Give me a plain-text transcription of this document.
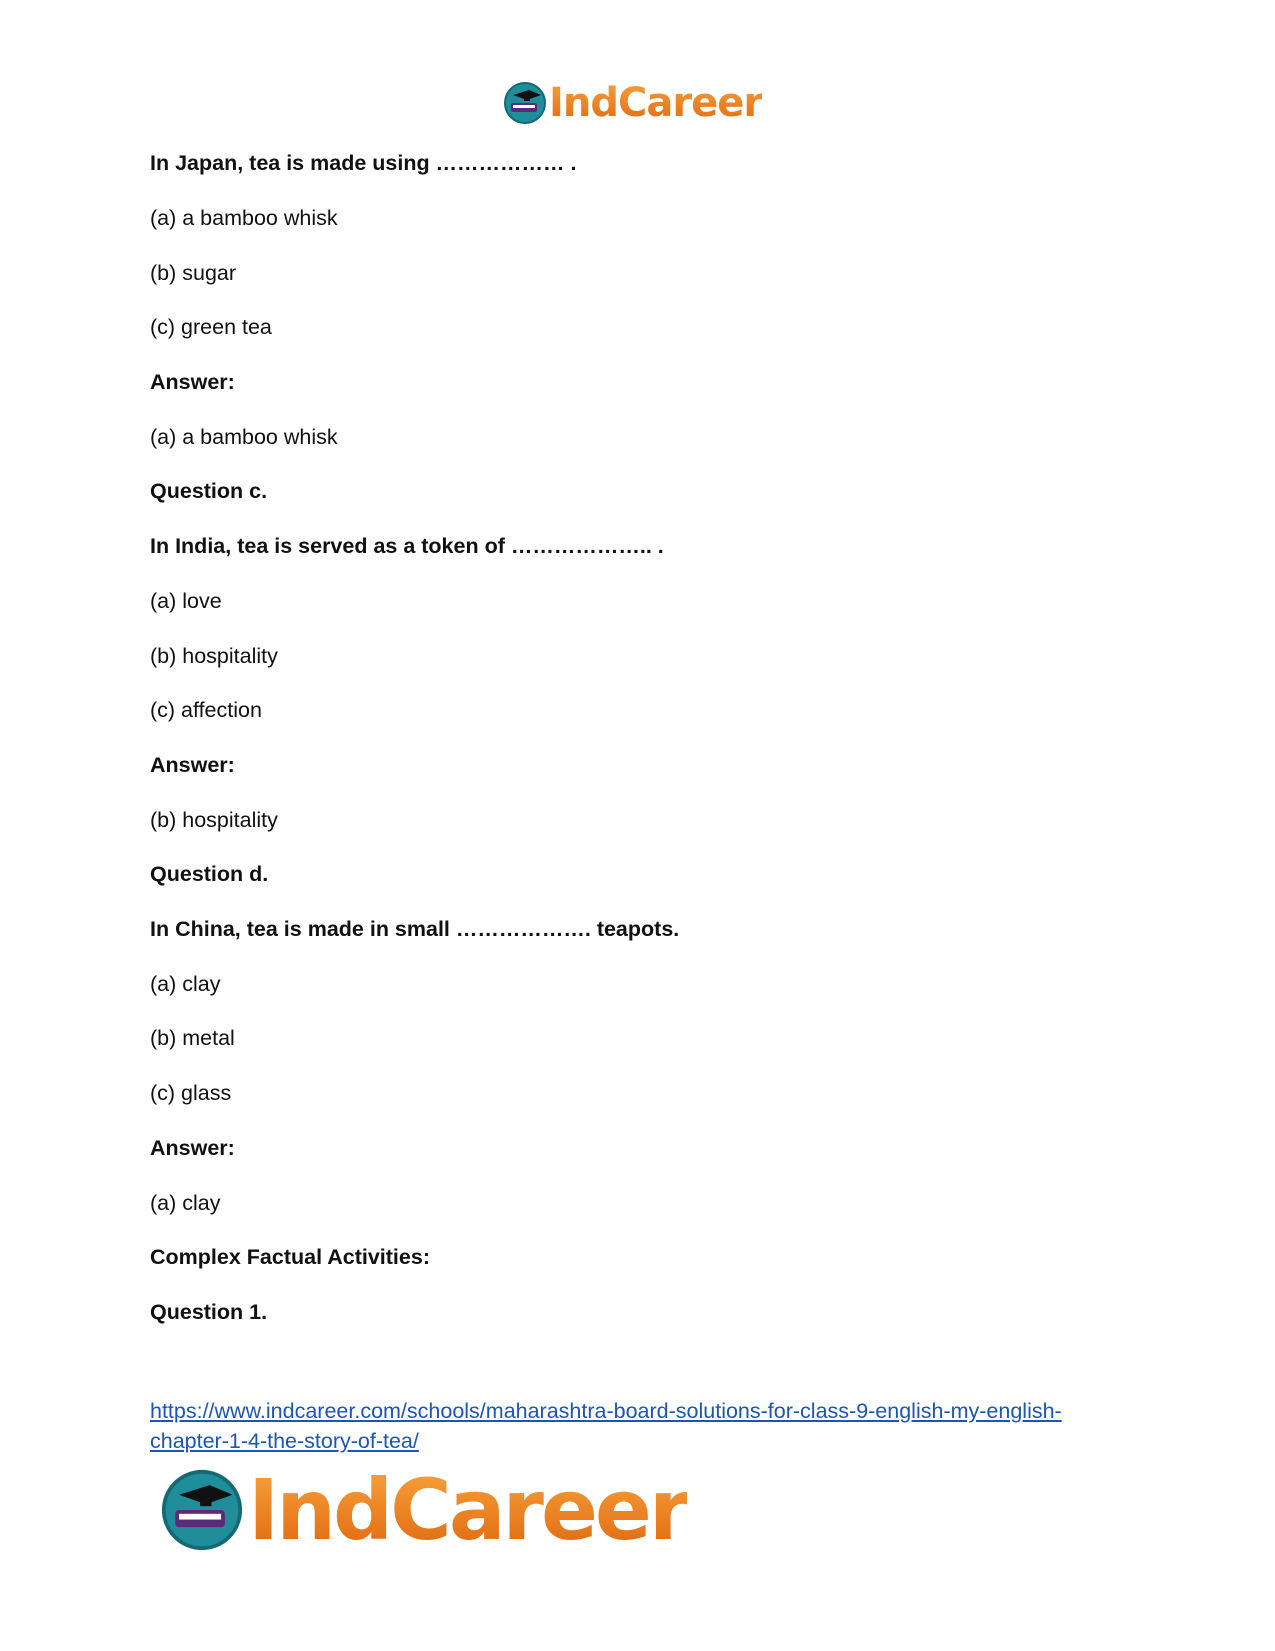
IndCareer
In Japan, tea is made using ……………… .
(a) a bamboo whisk
(b) sugar
(c) green tea
Answer:
(a) a bamboo whisk
Question c.
In India, tea is served as a token of ……………….. .
(a) love
(b) hospitality
(c) affection
Answer:
(b) hospitality
Question d.
In China, tea is made in small ………………. teapots.
(a) clay
(b) metal
(c) glass
Answer:
(a) clay
Complex Factual Activities:
Question 1.
https://www.indcareer.com/schools/maharashtra-board-solutions-for-class-9-english-my-english-chapter-1-4-the-story-of-tea/
IndCareer
